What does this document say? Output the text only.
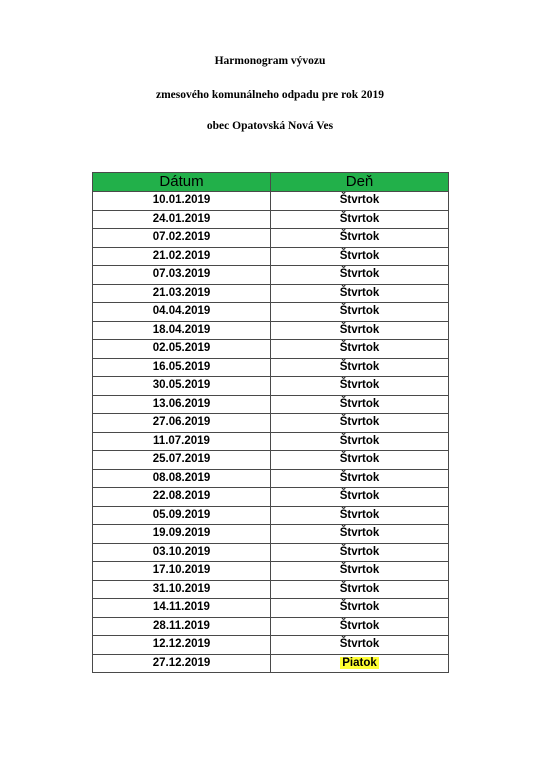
Harmonogram vývozu
zmesového komunálneho odpadu pre rok 2019
obec Opatovská Nová Ves
Dátum	Deň
10.01.2019	Štvrtok
24.01.2019	Štvrtok
07.02.2019	Štvrtok
21.02.2019	Štvrtok
07.03.2019	Štvrtok
21.03.2019	Štvrtok
04.04.2019	Štvrtok
18.04.2019	Štvrtok
02.05.2019	Štvrtok
16.05.2019	Štvrtok
30.05.2019	Štvrtok
13.06.2019	Štvrtok
27.06.2019	Štvrtok
11.07.2019	Štvrtok
25.07.2019	Štvrtok
08.08.2019	Štvrtok
22.08.2019	Štvrtok
05.09.2019	Štvrtok
19.09.2019	Štvrtok
03.10.2019	Štvrtok
17.10.2019	Štvrtok
31.10.2019	Štvrtok
14.11.2019	Štvrtok
28.11.2019	Štvrtok
12.12.2019	Štvrtok
27.12.2019	Piatok
